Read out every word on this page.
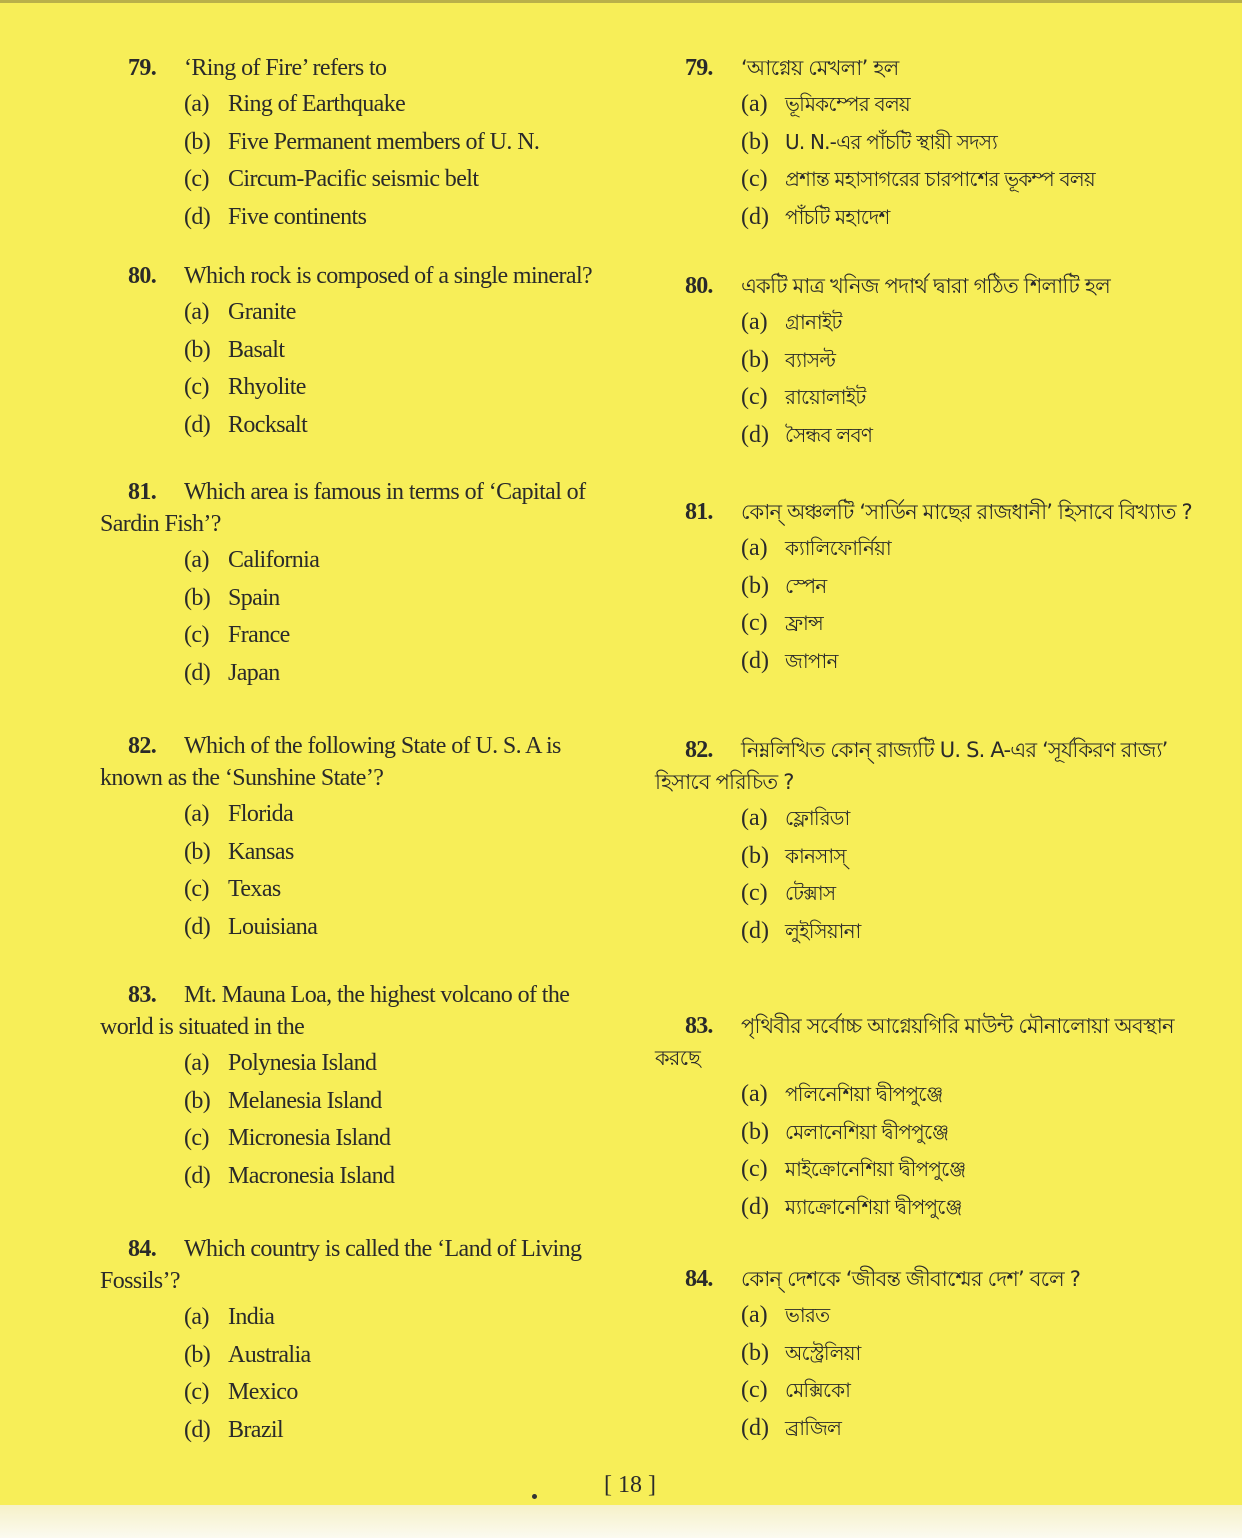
79. ‘Ring of Fire’ refers to
(a) Ring of Earthquake
(b) Five Permanent members of U. N.
(c) Circum-Pacific seismic belt
(d) Five continents
80. Which rock is composed of a single mineral?
(a) Granite
(b) Basalt
(c) Rhyolite
(d) Rocksalt
81. Which area is famous in terms of ‘Capital of
Sardin Fish’?
(a) California
(b) Spain
(c) France
(d) Japan
82. Which of the following State of U. S. A is
known as the ‘Sunshine State’?
(a) Florida
(b) Kansas
(c) Texas
(d) Louisiana
83. Mt. Mauna Loa, the highest volcano of the
world is situated in the
(a) Polynesia Island
(b) Melanesia Island
(c) Micronesia Island
(d) Macronesia Island
84. Which country is called the ‘Land of Living
Fossils’?
(a) India
(b) Australia
(c) Mexico
(d) Brazil
79. ‘আগ্নেয় মেখলা’ হল
(a) ভূমিকম্পের বলয়
(b) U. N.-এর পাঁচটি স্থায়ী সদস্য
(c) প্রশান্ত মহাসাগরের চারপাশের ভূকম্প বলয়
(d) পাঁচটি মহাদেশ
80. একটি মাত্র খনিজ পদার্থ দ্বারা গঠিত শিলাটি হল
(a) গ্রানাইট
(b) ব্যাসল্ট
(c) রায়োলাইট
(d) সৈন্ধব লবণ
81. কোন্ অঞ্চলটি ‘সার্ডিন মাছের রাজধানী’ হিসাবে বিখ্যাত ?
(a) ক্যালিফোর্নিয়া
(b) স্পেন
(c) ফ্রান্স
(d) জাপান
82. নিম্নলিখিত কোন্ রাজ্যটি U. S. A-এর ‘সূর্যকিরণ রাজ্য’
হিসাবে পরিচিত ?
(a) ফ্লোরিডা
(b) কানসাস্
(c) টেক্সাস
(d) লুইসিয়ানা
83. পৃথিবীর সর্বোচ্চ আগ্নেয়গিরি মাউন্ট মৌনালোয়া অবস্থান
করছে
(a) পলিনেশিয়া দ্বীপপুঞ্জে
(b) মেলানেশিয়া দ্বীপপুঞ্জে
(c) মাইক্রোনেশিয়া দ্বীপপুঞ্জে
(d) ম্যাক্রোনেশিয়া দ্বীপপুঞ্জে
84. কোন্ দেশকে ‘জীবন্ত জীবাশ্মের দেশ’ বলে ?
(a) ভারত
(b) অস্ট্রেলিয়া
(c) মেক্সিকো
(d) ব্রাজিল
[ 18 ]
